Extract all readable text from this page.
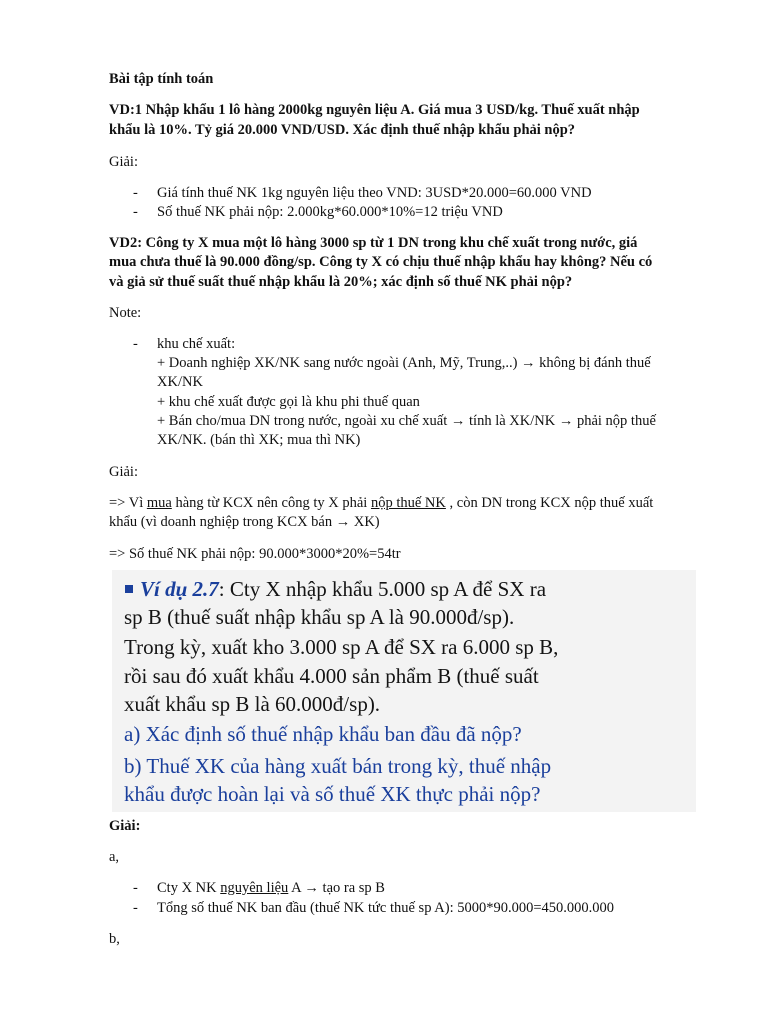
Bài tập tính toán
VD:1 Nhập khẩu 1 lô hàng 2000kg nguyên liệu A. Giá mua 3 USD/kg. Thuế xuất nhập
khẩu là 10%. Tỷ giá 20.000 VND/USD. Xác định thuế nhập khẩu phải nộp?
Giải:
- Giá tính thuế NK 1kg nguyên liệu theo VND: 3USD*20.000=60.000 VND
- Số thuế NK phải nộp: 2.000kg*60.000*10%=12 triệu VND
VD2: Công ty X mua một lô hàng 3000 sp từ 1 DN trong khu chế xuất trong nước, giá
mua chưa thuế là 90.000 đồng/sp. Công ty X có chịu thuế nhập khẩu hay không? Nếu có
và giả sử thuế suất thuế nhập khẩu là 20%; xác định số thuế NK phải nộp?
Note:
- khu chế xuất:
+ Doanh nghiệp XK/NK sang nước ngoài (Anh, Mỹ, Trung,..) → không bị đánh thuế
XK/NK
+ khu chế xuất được gọi là khu phi thuế quan
+ Bán cho/mua DN trong nước, ngoài xu chế xuất → tính là XK/NK → phải nộp thuế
XK/NK. (bán thì XK; mua thì NK)
Giải:
=> Vì mua hàng từ KCX nên công ty X phải nộp thuế NK , còn DN trong KCX nộp thuế xuất
khẩu (vì doanh nghiệp trong KCX bán → XK)
=> Số thuế NK phải nộp: 90.000*3000*20%=54tr
Ví dụ 2.7: Cty X nhập khẩu 5.000 sp A để SX ra
sp B (thuế suất nhập khẩu sp A là 90.000đ/sp).
Trong kỳ, xuất kho 3.000 sp A để SX ra 6.000 sp B,
rồi sau đó xuất khẩu 4.000 sản phẩm B (thuế suất
xuất khẩu sp B là 60.000đ/sp).
a) Xác định số thuế nhập khẩu ban đầu đã nộp?
b) Thuế XK của hàng xuất bán trong kỳ, thuế nhập
khẩu được hoàn lại và số thuế XK thực phải nộp?
Giải:
a,
- Cty X NK nguyên liệu A → tạo ra sp B
- Tổng số thuế NK ban đầu (thuế NK tức thuế sp A): 5000*90.000=450.000.000
b,
